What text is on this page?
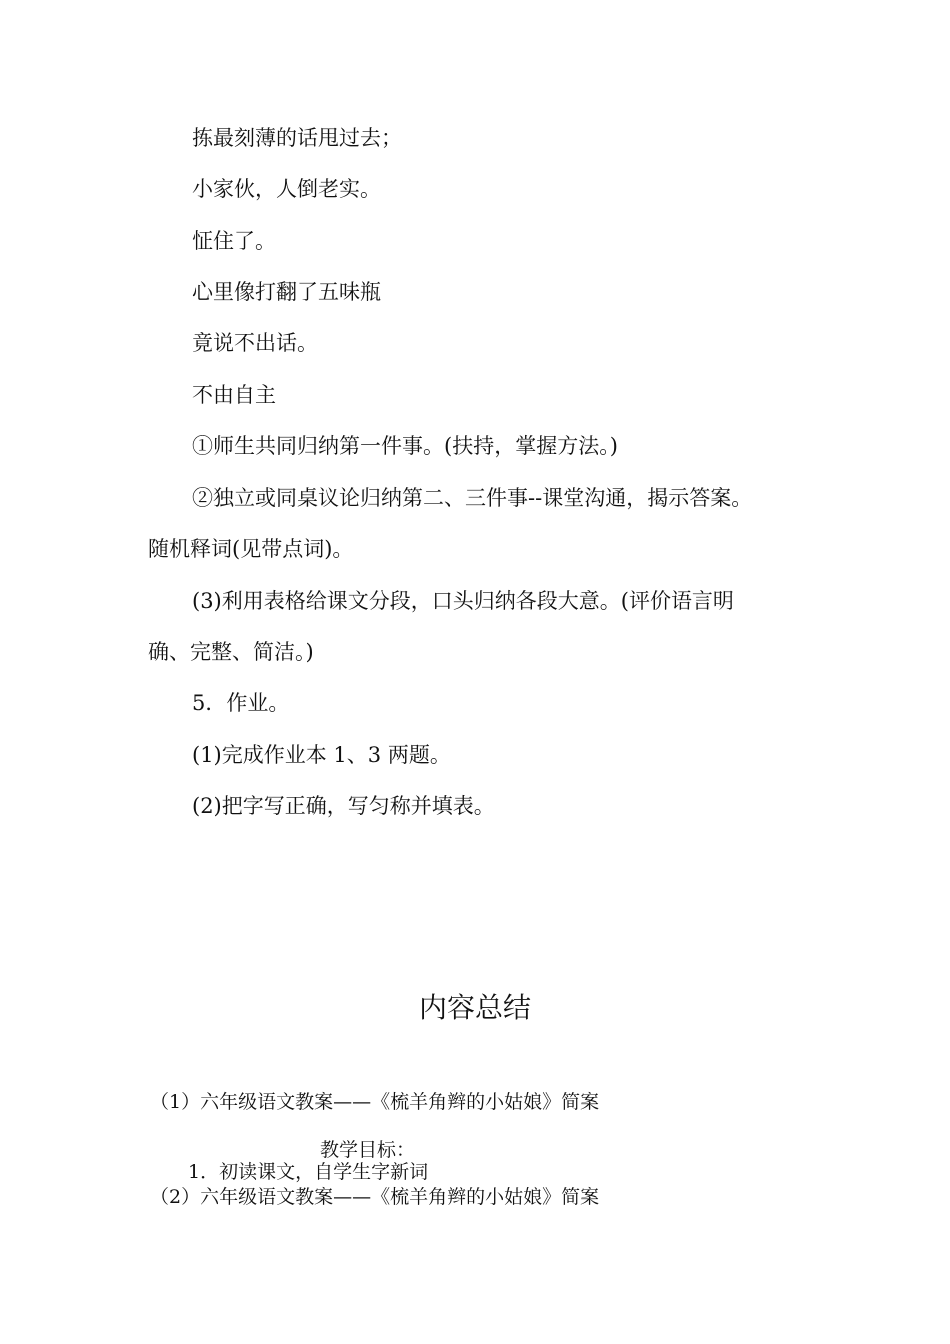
拣最刻薄的话甩过去；
小家伙，人倒老实。
怔住了。
心里像打翻了五味瓶
竟说不出话。
不由自主
①师生共同归纳第一件事。(扶持，掌握方法。)
②独立或同桌议论归纳第二、三件事--课堂沟通，揭示答案。
随机释词(见带点词)。
(3)利用表格给课文分段，口头归纳各段大意。(评价语言明
确、完整、简洁。)
5．作业。
(1)完成作业本 1、3 两题。
(2)把字写正确，写匀称并填表。
内容总结
（1）六年级语文教案——《梳羊角辫的小姑娘》简案
教学目标：
1．初读课文，自学生字新词
（2）六年级语文教案——《梳羊角辫的小姑娘》简案
